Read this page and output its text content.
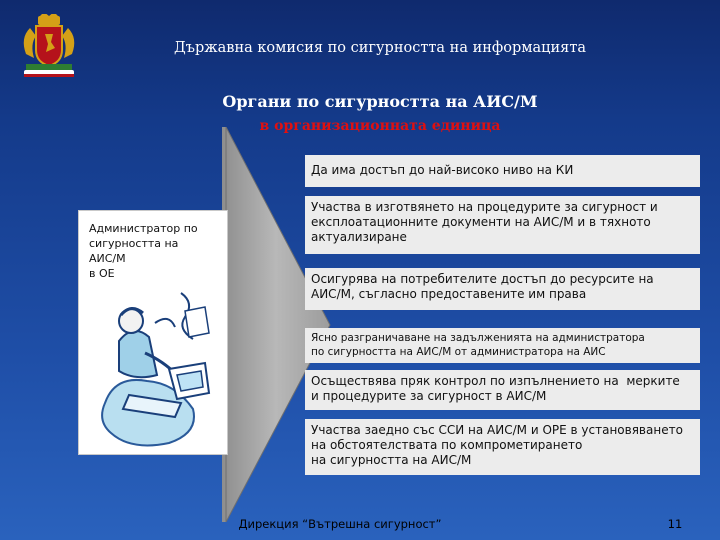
Държавна комисия по сигурността на информацията
Органи по сигурността на АИС/М
в организационната единица
Администратор по
сигурността на
АИС/М
в ОЕ
Да има достъп до най-високо ниво на КИ
Участва в изготвянето на процедурите за сигурност и
експлоатационните документи на АИС/М и в тяхното
актуализиране
Осигурява на потребителите достъп до ресурсите на
АИС/М, съгласно предоставените им права
Ясно разграничаване на задълженията на администратора
по сигурността на АИС/М от администратора на АИС
Осъществява пряк контрол по изпълнението на  мерките
и процедурите за сигурност в АИС/М
Участва заедно със ССИ на АИС/М и ОРЕ в установяването
на обстоятелствата по компрометирането
на сигурността на АИС/М
Дирекция “Вътрешна сигурност”	11
